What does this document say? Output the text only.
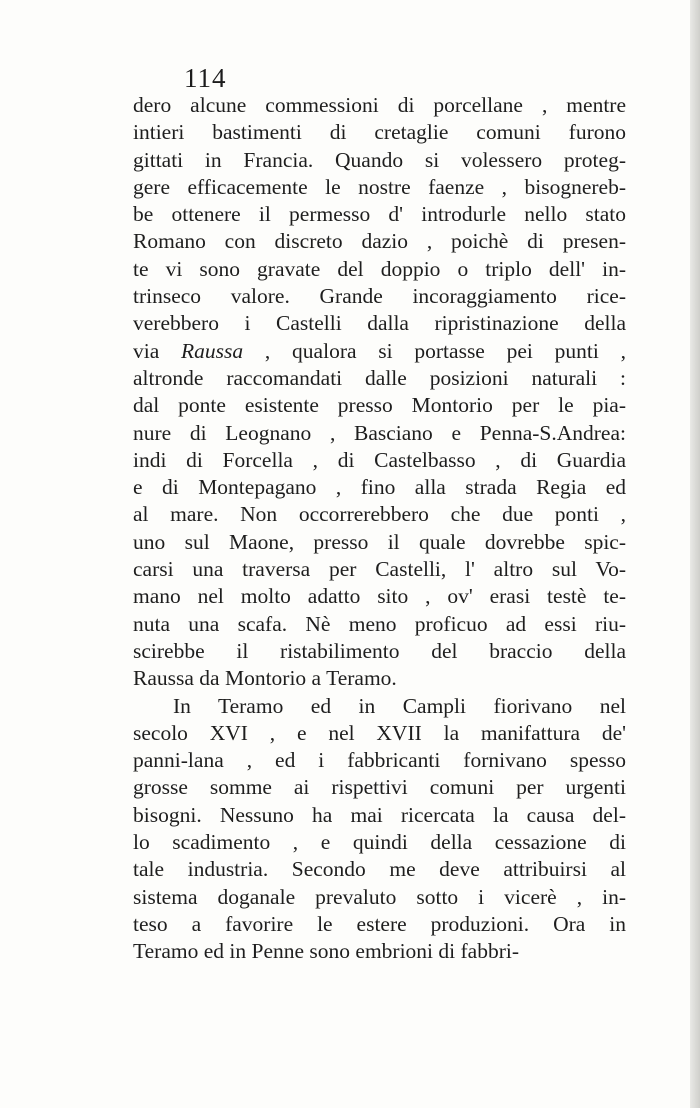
114
dero alcune commessioni di porcellane , mentre
intieri bastimenti di cretaglie comuni furono
gittati in Francia. Quando si volessero proteg-
gere efficacemente le nostre faenze , bisognereb-
be ottenere il permesso d' introdurle nello stato
Romano con discreto dazio , poichè di presen-
te vi sono gravate del doppio o triplo dell' in-
trinseco valore. Grande incoraggiamento rice-
verebbero i Castelli dalla ripristinazione della
via Raussa , qualora si portasse pei punti ,
altronde raccomandati dalle posizioni naturali :
dal ponte esistente presso Montorio per le pia-
nure di Leognano , Basciano e Penna-S.Andrea:
indi di Forcella , di Castelbasso , di Guardia
e di Montepagano , fino alla strada Regia ed
al mare. Non occorrerebbero che due ponti ,
uno sul Maone, presso il quale dovrebbe spic-
carsi una traversa per Castelli, l' altro sul Vo-
mano nel molto adatto sito , ov' erasi testè te-
nuta una scafa. Nè meno proficuo ad essi riu-
scirebbe il ristabilimento del braccio della
Raussa da Montorio a Teramo.
In Teramo ed in Campli fiorivano nel
secolo XVI , e nel XVII la manifattura de'
panni-lana , ed i fabbricanti fornivano spesso
grosse somme ai rispettivi comuni per urgenti
bisogni. Nessuno ha mai ricercata la causa del-
lo scadimento , e quindi della cessazione di
tale industria. Secondo me deve attribuirsi al
sistema doganale prevaluto sotto i vicerè , in-
teso a favorire le estere produzioni. Ora in
Teramo ed in Penne sono embrioni di fabbri-
